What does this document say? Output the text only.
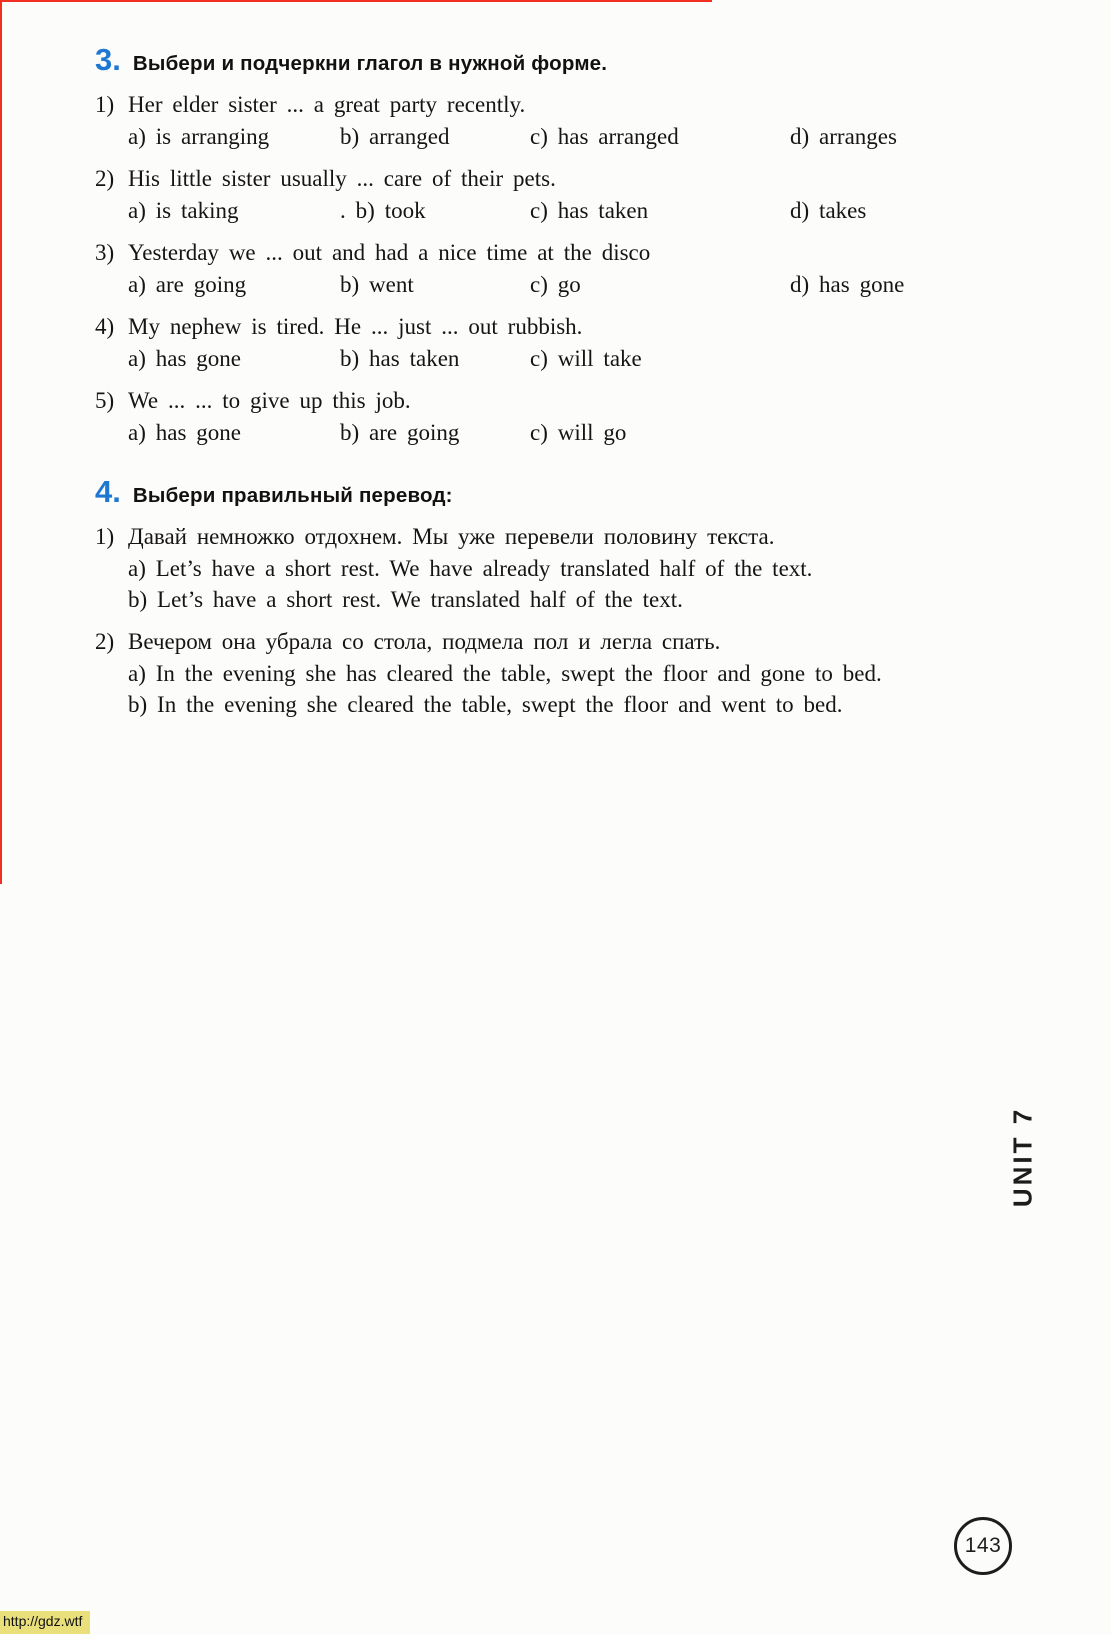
3. Выбери и подчеркни глагол в нужной форме.
1) Her elder sister ... a great party recently.
a) is arranging	b) arranged	c) has arranged	d) arranges
2) His little sister usually ... care of their pets.
a) is taking	. b) took	c) has taken	d) takes
3) Yesterday we ... out and had a nice time at the disco
a) are going	b) went	c) go	d) has gone
4) My nephew is tired. He ... just ... out rubbish.
a) has gone	b) has taken	c) will take
5) We ... ... to give up this job.
a) has gone	b) are going	c) will go
4. Выбери правильный перевод:
1) Давай немножко отдохнем. Мы уже перевели половину текста.
a) Let’s have a short rest. We have already translated half of the text.
b) Let’s have a short rest. We translated half of the text.
2) Вечером она убрала со стола, подмела пол и легла спать.
a) In the evening she has cleared the table, swept the floor and gone to bed.
b) In the evening she cleared the table, swept the floor and went to bed.
UNIT 7
143
http://gdz.wtf
